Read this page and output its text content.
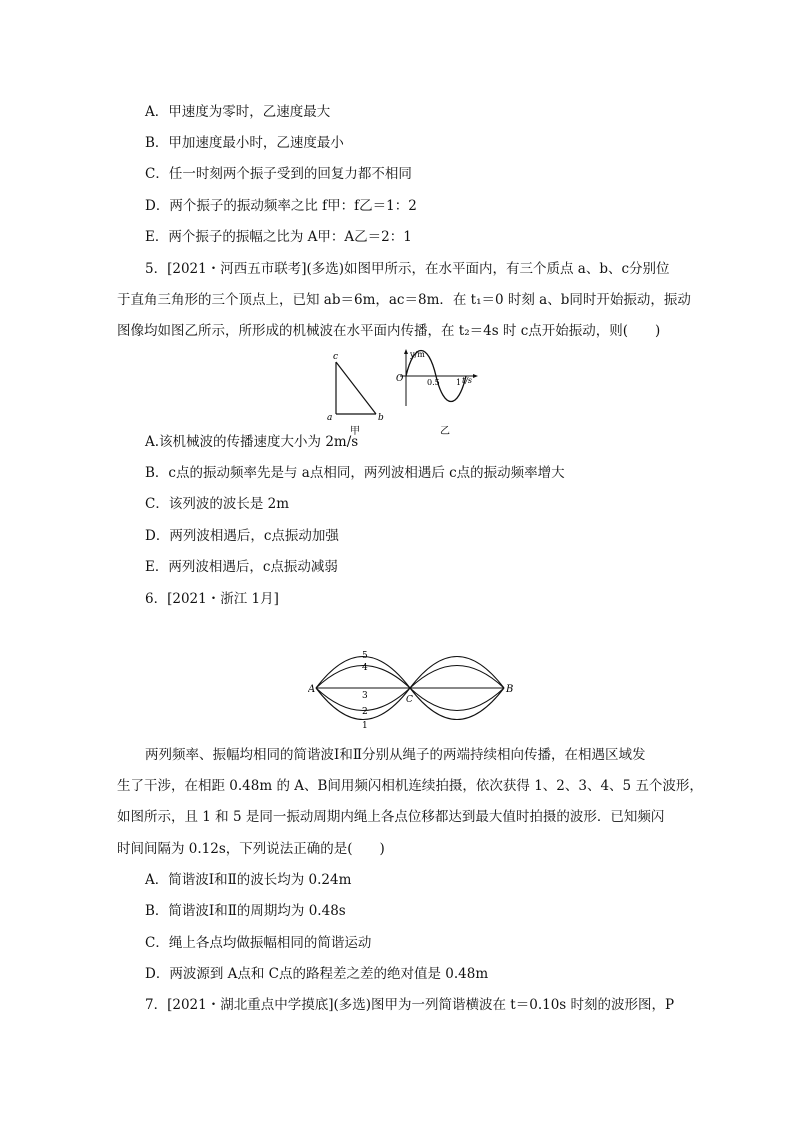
A．甲速度为零时，乙速度最大
B．甲加速度最小时，乙速度最小
C．任一时刻两个振子受到的回复力都不相同
D．两个振子的振动频率之比 f甲：f乙＝1：2
E．两个振子的振幅之比为 A甲：A乙＝2：1
5．[2021・河西五市联考](多选)如图甲所示，在水平面内，有三个质点 a、b、c分别位
于直角三角形的三个顶点上，已知 ab＝6m，ac＝8m．在 t₁＝0 时刻 a、b同时开始振动，振动
图像均如图乙所示，所形成的机械波在水平面内传播，在 t₂＝4s 时 c点开始振动，则(　　)
c
a	b
甲
y/m
t/s
O	0.5 1
乙
A.该机械波的传播速度大小为 2m/s
B．c点的振动频率先是与 a点相同，两列波相遇后 c点的振动频率增大
C．该列波的波长是 2m
D．两列波相遇后，c点振动加强
E．两列波相遇后，c点振动减弱
6．[2021・浙江 1月]
A	B
C
5
4
3
2
1
两列频率、振幅均相同的简谐波Ⅰ和Ⅱ分别从绳子的两端持续相向传播，在相遇区域发
生了干涉，在相距 0.48m 的 A、B间用频闪相机连续拍摄，依次获得 1、2、3、4、5 五个波形，
如图所示，且 1 和 5 是同一振动周期内绳上各点位移都达到最大值时拍摄的波形．已知频闪
时间间隔为 0.12s，下列说法正确的是(　　)
A．简谐波Ⅰ和Ⅱ的波长均为 0.24m
B．简谐波Ⅰ和Ⅱ的周期均为 0.48s
C．绳上各点均做振幅相同的简谐运动
D．两波源到 A点和 C点的路程差之差的绝对值是 0.48m
7．[2021・湖北重点中学摸底](多选)图甲为一列简谐横波在 t＝0.10s 时刻的波形图，P
